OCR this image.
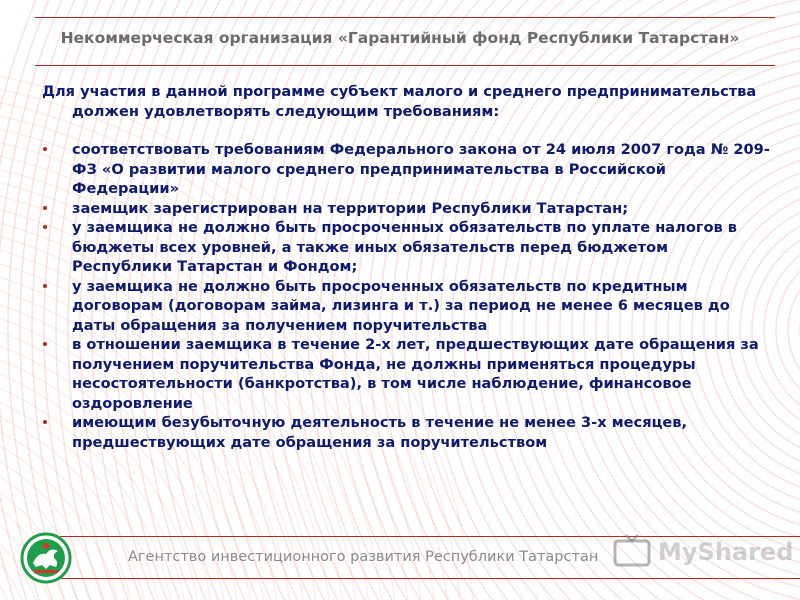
Некоммерческая организация «Гарантийный фонд Республики Татарстан»

Для участия в данной программе субъект малого и среднего предпринимательства должен удовлетворять следующим требованиям:

соответствовать требованиям Федерального закона от 24 июля 2007 года № 209-ФЗ «О развитии малого среднего предпринимательства в Российской Федерации»
заемщик зарегистрирован на территории Республики Татарстан;
у заемщика не должно быть просроченных обязательств по уплате налогов в бюджеты всех уровней, а также иных обязательств перед бюджетом Республики Татарстан и Фондом;
у заемщика не должно быть просроченных обязательств по кредитным договорам (договорам займа, лизинга и т.) за период не менее 6 месяцев до даты обращения за получением поручительства
в отношении заемщика в течение 2-х лет, предшествующих дате обращения за получением поручительства Фонда, не должны применяться процедуры несостоятельности (банкротства), в том числе наблюдение, финансовое оздоровление
имеющим безубыточную деятельность в течение не менее 3-х месяцев, предшествующих дате обращения за поручительством
Агентство инвестиционного развития Республики Татарстан MyShared
